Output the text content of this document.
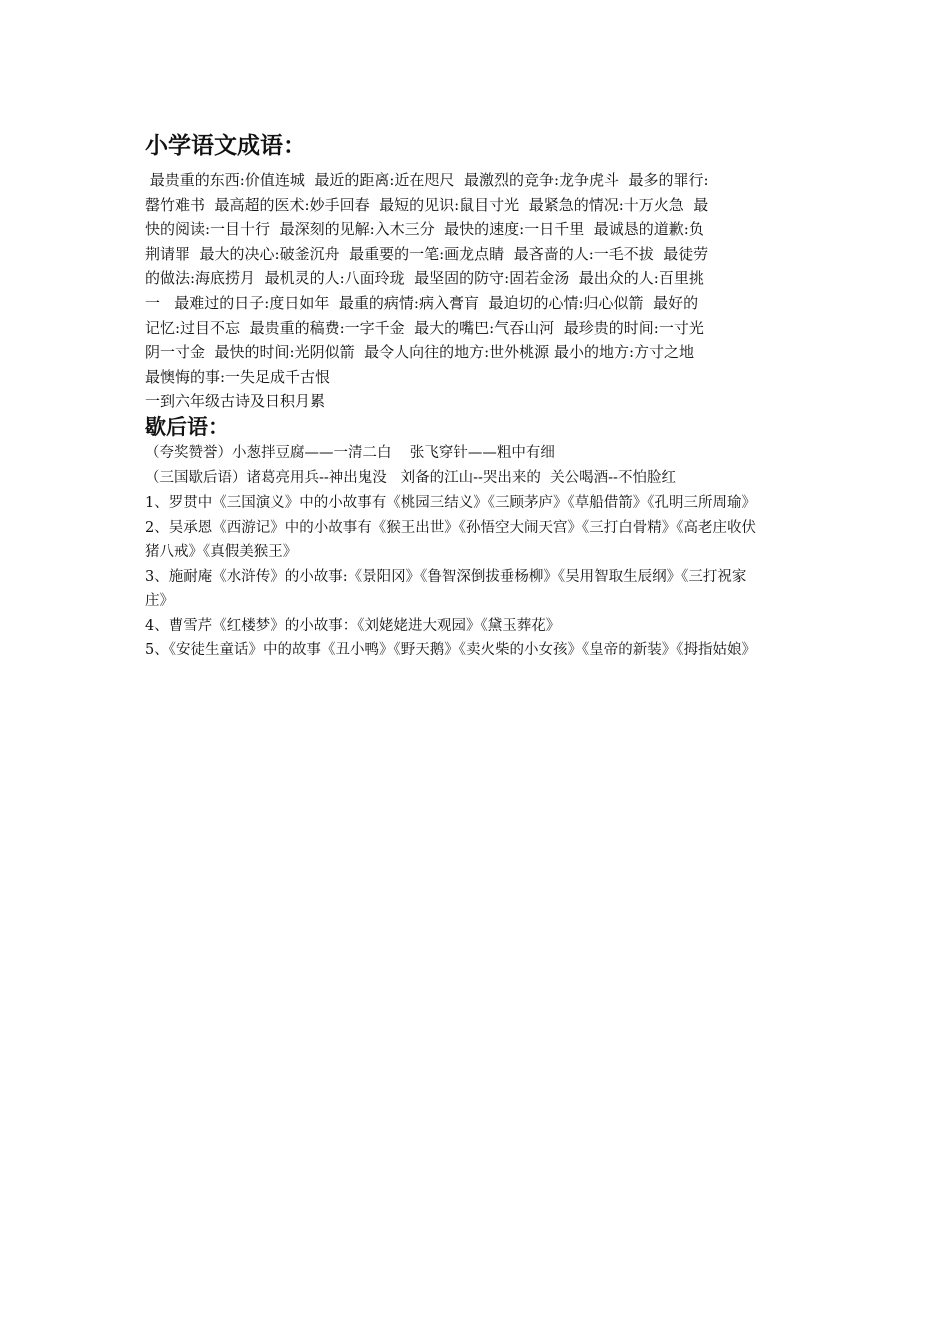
小学语文成语：

最贵重的东西:价值连城  最近的距离:近在咫尺  最激烈的竞争:龙争虎斗  最多的罪行:
罄竹难书  最高超的医术:妙手回春  最短的见识:鼠目寸光  最紧急的情况:十万火急  最
快的阅读:一目十行  最深刻的见解:入木三分  最快的速度:一日千里  最诚恳的道歉:负
荆请罪  最大的决心:破釜沉舟  最重要的一笔:画龙点睛  最吝啬的人:一毛不拔  最徒劳
的做法:海底捞月  最机灵的人:八面玲珑  最坚固的防守:固若金汤  最出众的人:百里挑
一   最难过的日子:度日如年  最重的病情:病入膏肓  最迫切的心情:归心似箭  最好的
记忆:过目不忘  最贵重的稿费:一字千金  最大的嘴巴:气吞山河  最珍贵的时间:一寸光
阴一寸金  最快的时间:光阴似箭  最令人向往的地方:世外桃源 最小的地方:方寸之地
最懊悔的事:一失足成千古恨

一到六年级古诗及日积月累

歇后语：

（夸奖赞誉）小葱拌豆腐——一清二白    张飞穿针——粗中有细

（三国歇后语）诸葛亮用兵--神出鬼没   刘备的江山--哭出来的  关公喝酒--不怕脸红

1、罗贯中《三国演义》中的小故事有《桃园三结义》《三顾茅庐》《草船借箭》《孔明三所周瑜》

2、吴承恩《西游记》中的小故事有《猴王出世》《孙悟空大闹天宫》《三打白骨精》《高老庄收伏
猪八戒》《真假美猴王》

3、施耐庵《水浒传》的小故事:《景阳冈》《鲁智深倒拔垂杨柳》《吴用智取生辰纲》《三打祝家
庄》

4、曹雪芹《红楼梦》的小故事：《刘姥姥进大观园》《黛玉葬花》

5、《安徒生童话》中的故事《丑小鸭》《野天鹅》《卖火柴的小女孩》《皇帝的新装》《拇指姑娘》
